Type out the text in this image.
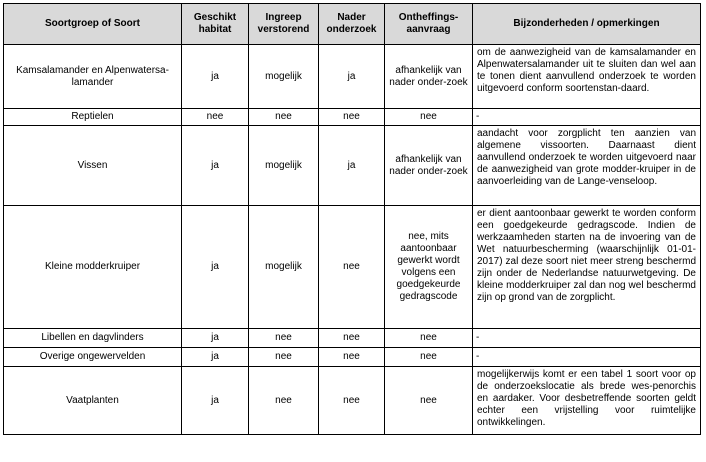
Soortgroep of Soort	Geschikt habitat	Ingreep verstorend	Nader onderzoek	Ontheffings-aanvraag	Bijzonderheden / opmerkingen
Kamsalamander en Alpenwatersa-lamander	ja	mogelijk	ja	afhankelijk van nader onder-zoek	om de aanwezigheid van de kamsalamander en Alpenwatersalamander uit te sluiten dan wel aan te tonen dient aanvullend onderzoek te worden uitgevoerd conform soortenstan-daard.
Reptielen	nee	nee	nee	nee	-
Vissen	ja	mogelijk	ja	afhankelijk van nader onder-zoek	aandacht voor zorgplicht ten aanzien van algemene vissoorten. Daarnaast dient aanvullend onderzoek te worden uitgevoerd naar de aanwezigheid van grote modder-kruiper in de aanvoerleiding van de Lange-venseloop.
Kleine modderkruiper	ja	mogelijk	nee	nee, mits aantoonbaar gewerkt wordt volgens een goedgekeurde gedragscode	er dient aantoonbaar gewerkt te worden conform een goedgekeurde gedragscode. Indien de werkzaamheden starten na de invoering van de Wet natuurbescherming (waarschijnlijk 01-01-2017) zal deze soort niet meer streng beschermd zijn onder de Nederlandse natuurwetgeving. De kleine modderkruiper zal dan nog wel beschermd zijn op grond van de zorgplicht.
Libellen en dagvlinders	ja	nee	nee	nee	-
Overige ongewervelden	ja	nee	nee	nee	-
Vaatplanten	ja	nee	nee	nee	mogelijkerwijs komt er een tabel 1 soort voor op de onderzoekslocatie als brede wes-penorchis en aardaker. Voor desbetreffende soorten geldt echter een vrijstelling voor ruimtelijke ontwikkelingen.
